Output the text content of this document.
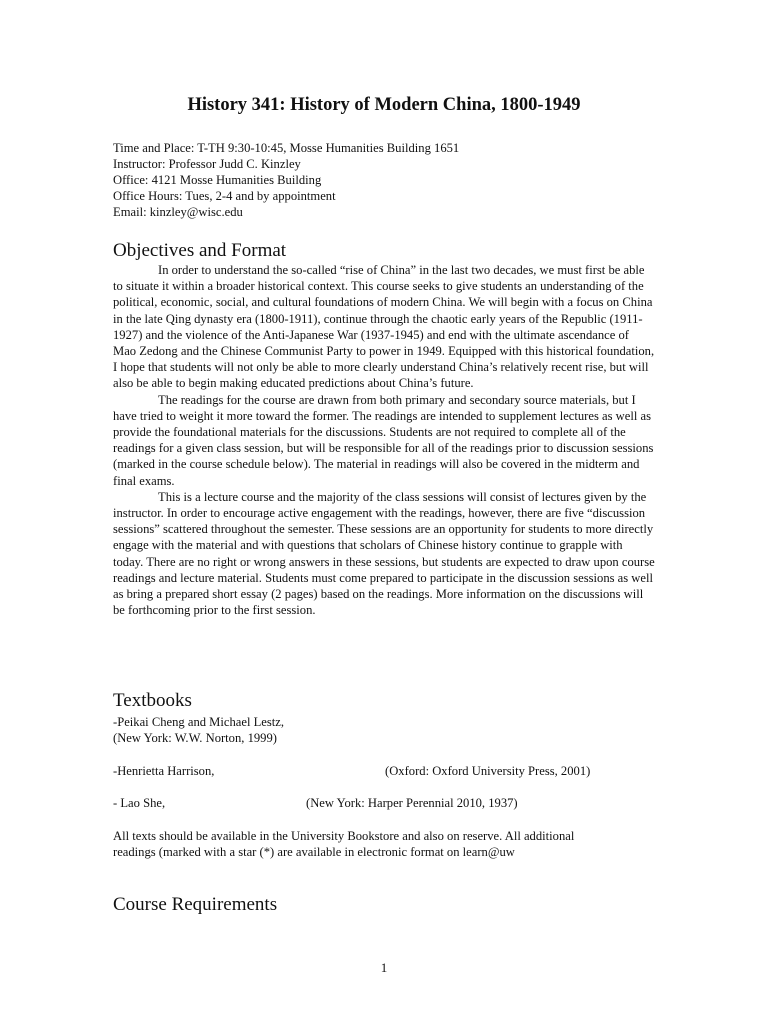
History 341: History of Modern China, 1800-1949
Time and Place: T-TH 9:30-10:45, Mosse Humanities Building 1651
Instructor: Professor Judd C. Kinzley
Office: 4121 Mosse Humanities Building
Office Hours: Tues, 2-4 and by appointment
Email: kinzley@wisc.edu
Objectives and Format

In order to understand the so-called “rise of China” in the last two decades, we must first be able to situate it within a broader historical context. This course seeks to give students an understanding of the political, economic, social, and cultural foundations of modern China. We will begin with a focus on China in the late Qing dynasty era (1800-1911), continue through the chaotic early years of the Republic (1911-1927) and the violence of the Anti-Japanese War (1937-1945) and end with the ultimate ascendance of Mao Zedong and the Chinese Communist Party to power in 1949. Equipped with this historical foundation, I hope that students will not only be able to more clearly understand China’s relatively recent rise, but will also be able to begin making educated predictions about China’s future.

The readings for the course are drawn from both primary and secondary source materials, but I have tried to weight it more toward the former. The readings are intended to supplement lectures as well as provide the foundational materials for the discussions. Students are not required to complete all of the readings for a given class session, but will be responsible for all of the readings prior to discussion sessions (marked in the course schedule below). The material in readings will also be covered in the midterm and final exams.

This is a lecture course and the majority of the class sessions will consist of lectures given by the instructor. In order to encourage active engagement with the readings, however, there are five “discussion sessions” scattered throughout the semester. These sessions are an opportunity for students to more directly engage with the material and with questions that scholars of Chinese history continue to grapple with today. There are no right or wrong answers in these sessions, but students are expected to draw upon course readings and lecture material. Students must come prepared to participate in the discussion sessions as well as bring a prepared short essay (2 pages) based on the readings. More information on the discussions will be forthcoming prior to the first session.

Textbooks
-Peikai Cheng and Michael Lestz,
(New York: W.W. Norton, 1999)
-Henrietta Harrison,	(Oxford: Oxford University Press, 2001)
- Lao She,	(New York: Harper Perennial 2010, 1937)
All texts should be available in the University Bookstore and also on reserve. All additional
readings (marked with a star (*) are available in electronic format on learn@uw
Course Requirements
1
